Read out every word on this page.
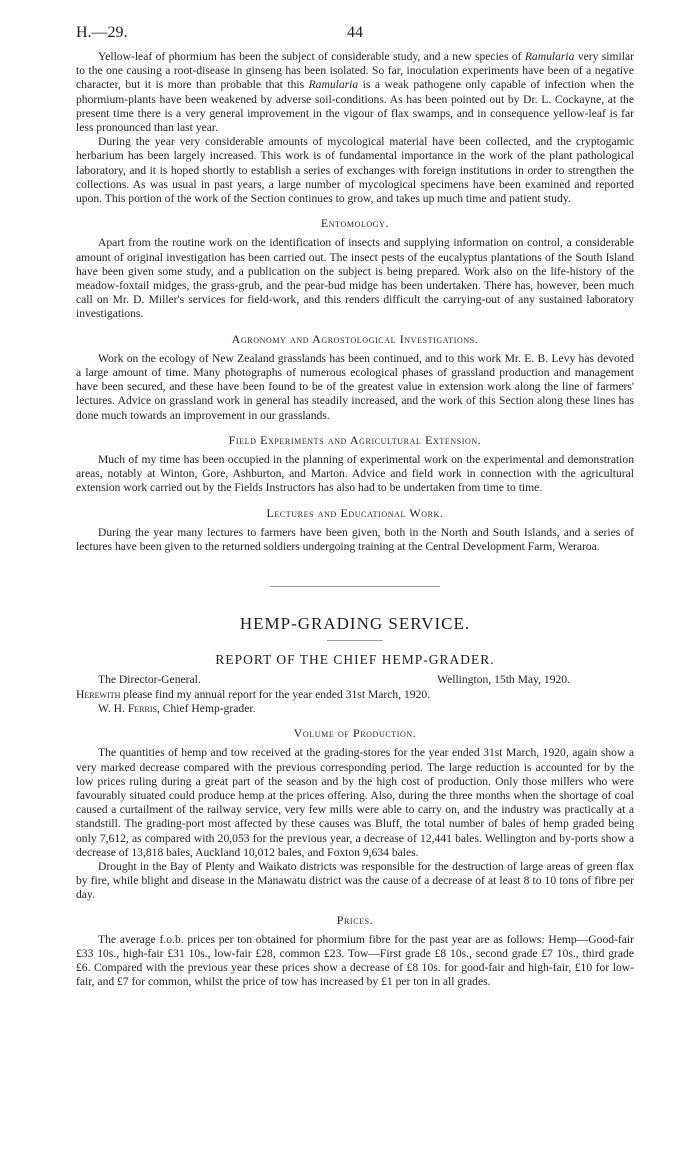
H.—29.	44

Yellow-leaf of phormium has been the subject of considerable study, and a new species of Ramularia very similar to the one causing a root-disease in ginseng has been isolated. So far, inoculation experiments have been of a negative character, but it is more than probable that this Ramularia is a weak pathogene only capable of infection when the phormium-plants have been weakened by adverse soil-conditions. As has been pointed out by Dr. L. Cockayne, at the present time there is a very general improvement in the vigour of flax swamps, and in consequence yellow-leaf is far less pronounced than last year.

During the year very considerable amounts of mycological material have been collected, and the cryptogamic herbarium has been largely increased. This work is of fundamental importance in the work of the plant pathological laboratory, and it is hoped shortly to establish a series of exchanges with foreign institutions in order to strengthen the collections. As was usual in past years, a large number of mycological specimens have been examined and reported upon. This portion of the work of the Section continues to grow, and takes up much time and patient study.

Entomology.

Apart from the routine work on the identification of insects and supplying information on control, a considerable amount of original investigation has been carried out. The insect pests of the eucalyptus plantations of the South Island have been given some study, and a publication on the subject is being prepared. Work also on the life-history of the meadow-foxtail midges, the grass-grub, and the pear-bud midge has been undertaken. There has, however, been much call on Mr. D. Miller's services for field-work, and this renders difficult the carrying-out of any sustained laboratory investigations.

Agronomy and Agrostological Investigations.

Work on the ecology of New Zealand grasslands has been continued, and to this work Mr. E. B. Levy has devoted a large amount of time. Many photographs of numerous ecological phases of grassland production and management have been secured, and these have been found to be of the greatest value in extension work along the line of farmers' lectures. Advice on grassland work in general has steadily increased, and the work of this Section along these lines has done much towards an improvement in our grasslands.

Field Experiments and Agricultural Extension.

Much of my time has been occupied in the planning of experimental work on the experimental and demonstration areas, notably at Winton, Gore, Ashburton, and Marton. Advice and field work in connection with the agricultural extension work carried out by the Fields Instructors has also had to be undertaken from time to time.

Lectures and Educational Work.

During the year many lectures to farmers have been given, both in the North and South Islands, and a series of lectures have been given to the returned soldiers undergoing training at the Central Development Farm, Weraroa.

HEMP-GRADING SERVICE.
REPORT OF THE CHIEF HEMP-GRADER.
The Director-General.	Wellington, 15th May, 1920.

Herewith please find my annual report for the year ended 31st March, 1920.

W. H. Ferris, Chief Hemp-grader.

Volume of Production.

The quantities of hemp and tow received at the grading-stores for the year ended 31st March, 1920, again show a very marked decrease compared with the previous corresponding period. The large reduction is accounted for by the low prices ruling during a great part of the season and by the high cost of production. Only those millers who were favourably situated could produce hemp at the prices offering. Also, during the three months when the shortage of coal caused a curtailment of the railway service, very few mills were able to carry on, and the industry was practically at a standstill. The grading-port most affected by these causes was Bluff, the total number of bales of hemp graded being only 7,612, as compared with 20,053 for the previous year, a decrease of 12,441 bales. Wellington and by-ports show a decrease of 13,818 bales, Auckland 10,012 bales, and Foxton 9,634 bales.

Drought in the Bay of Plenty and Waikato districts was responsible for the destruction of large areas of green flax by fire, while blight and disease in the Manawatu district was the cause of a decrease of at least 8 to 10 tons of fibre per day.

Prices.

The average f.o.b. prices per ton obtained for phormium fibre for the past year are as follows: Hemp—Good-fair £33 10s., high-fair £31 10s., low-fair £28, common £23. Tow—First grade £8 10s., second grade £7 10s., third grade £6. Compared with the previous year these prices show a decrease of £8 10s. for good-fair and high-fair, £10 for low-fair, and £7 for common, whilst the price of tow has increased by £1 per ton in all grades.
